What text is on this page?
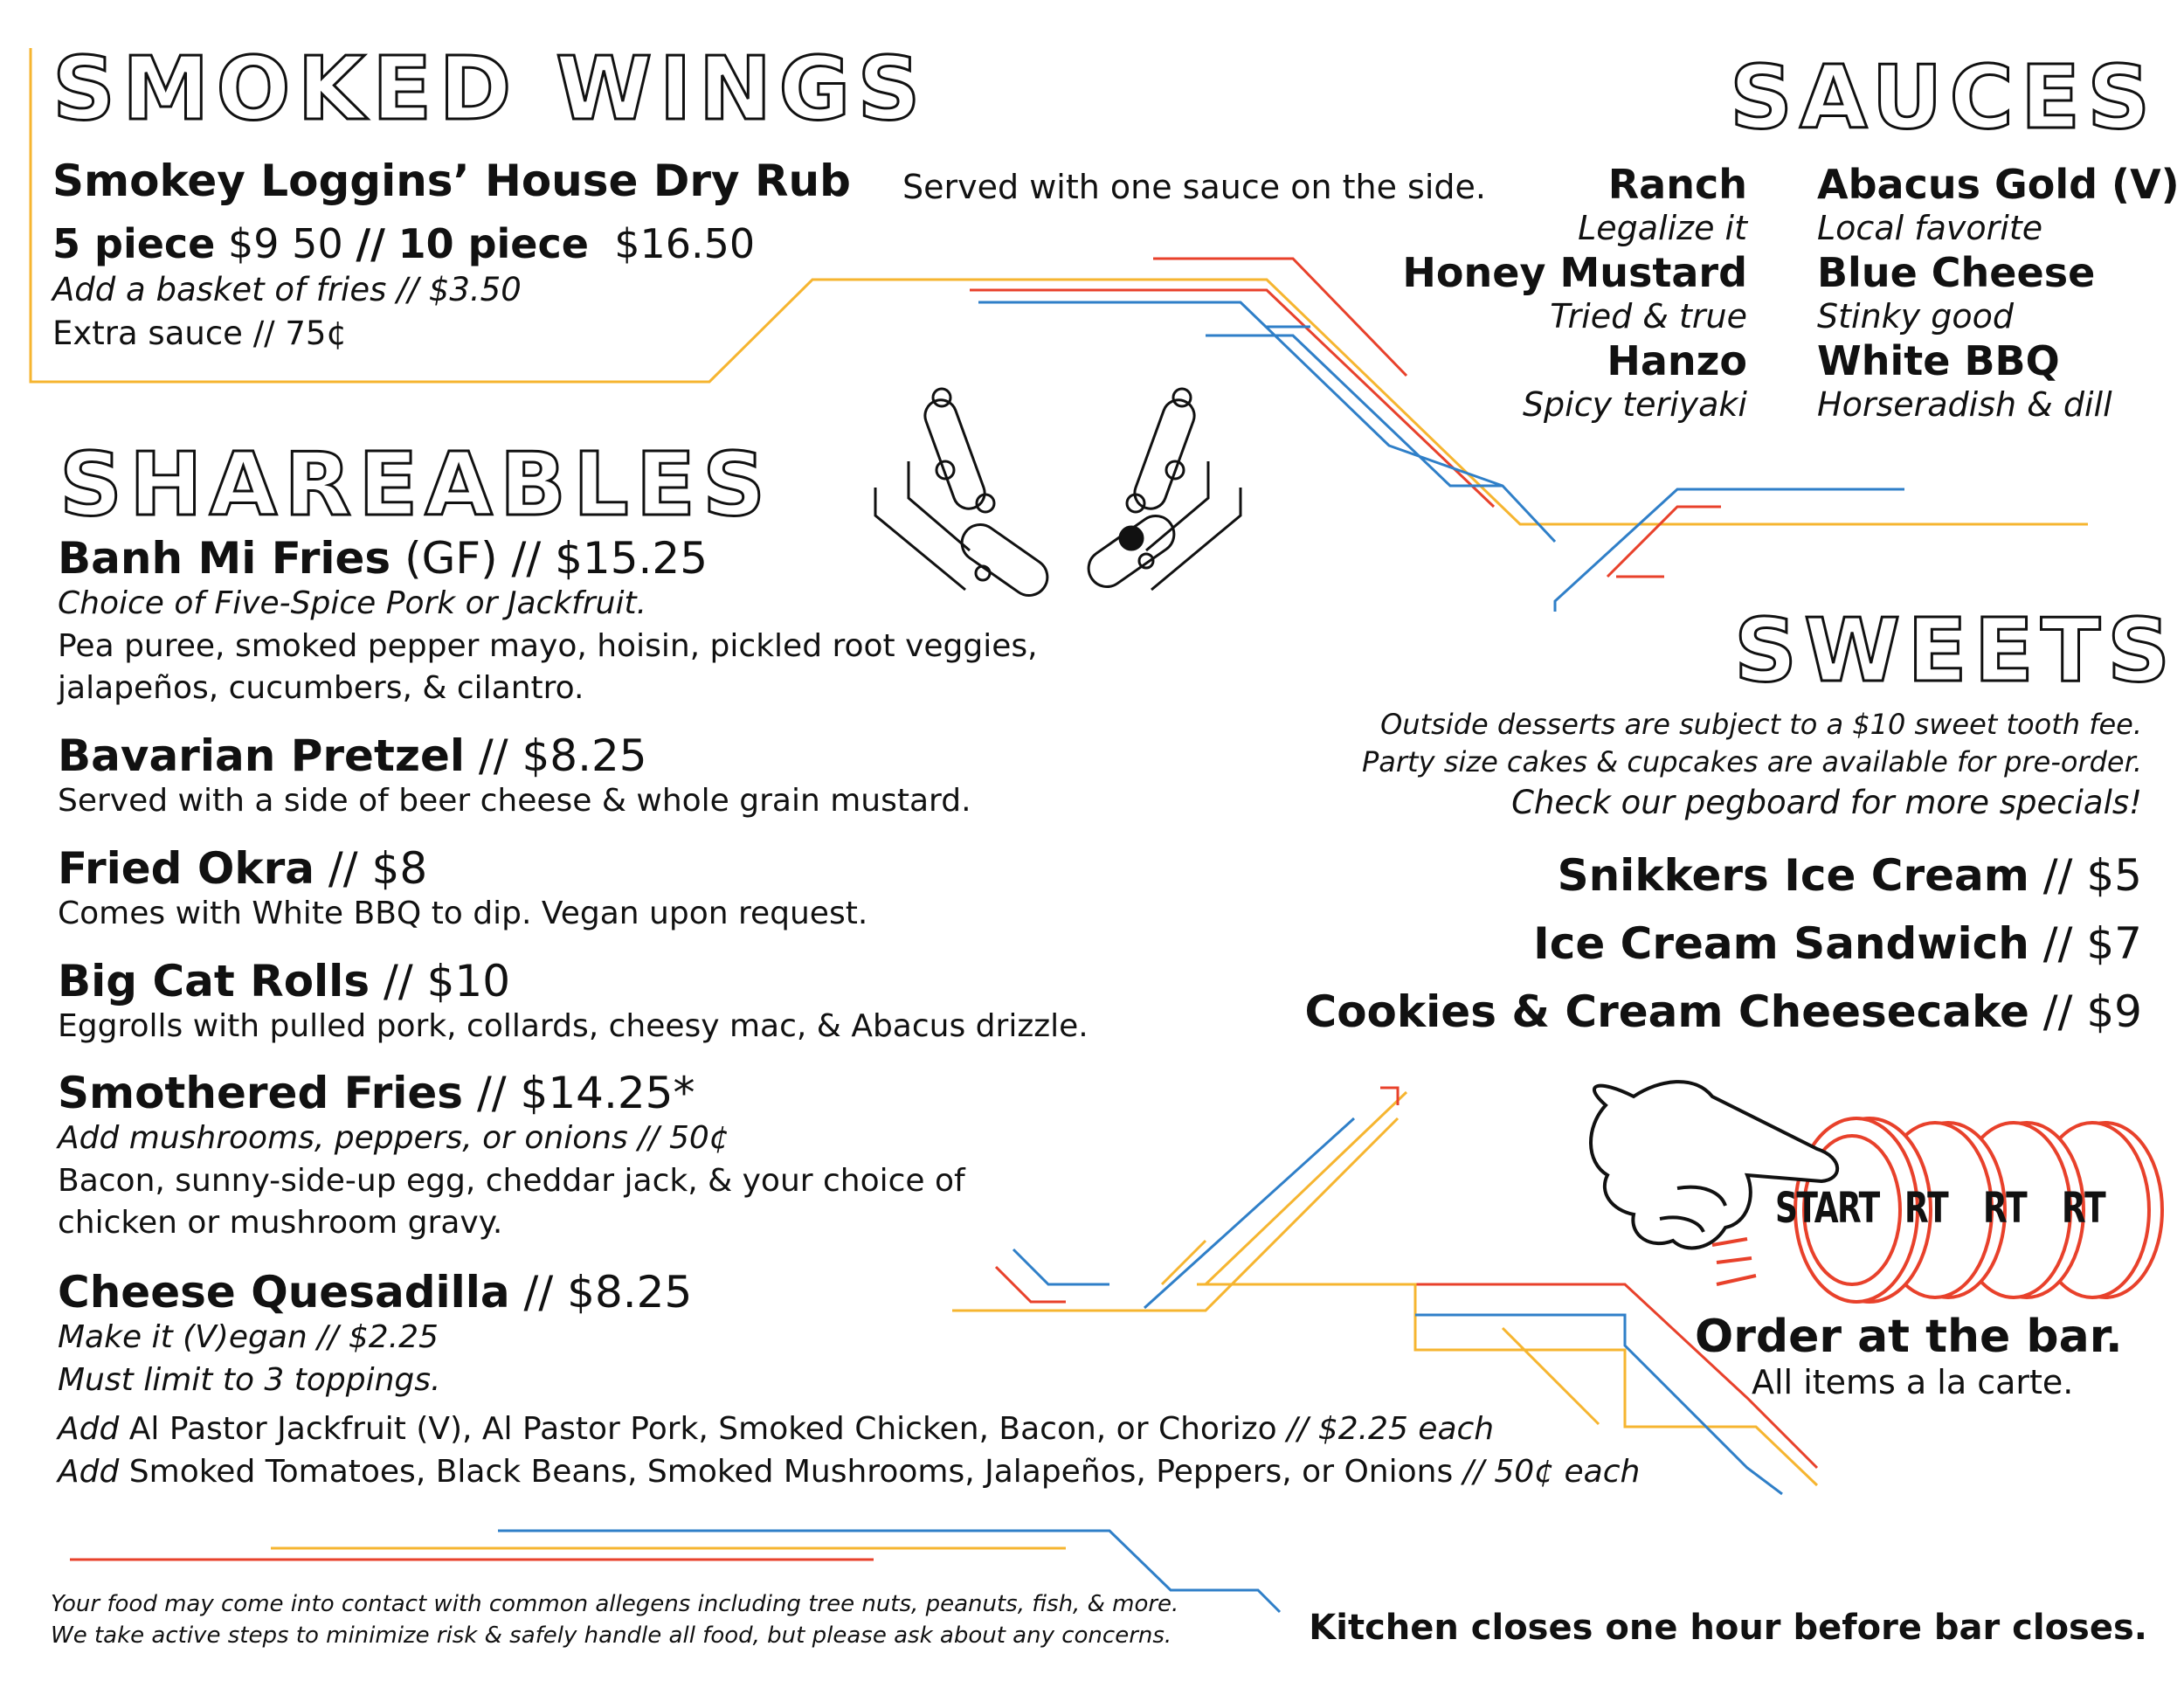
SMOKED WINGS
Smokey Loggins’ House Dry Rub Served with one sauce on the side.
5 piece $9 50 // 10 piece $16.50
Add a basket of fries // $3.50
Extra sauce // 75¢
SAUCES
Ranch
Legalize it
Honey Mustard
Tried & true
Hanzo
Spicy teriyaki
Abacus Gold (V)
Local favorite
Blue Cheese
Stinky good
White BBQ
Horseradish & dill
SHAREABLES
Banh Mi Fries (GF) // $15.25
Choice of Five-Spice Pork or Jackfruit.
Pea puree, smoked pepper mayo, hoisin, pickled root veggies,
jalapeños, cucumbers, & cilantro.
Bavarian Pretzel // $8.25
Served with a side of beer cheese & whole grain mustard.
Fried Okra // $8
Comes with White BBQ to dip. Vegan upon request.
Big Cat Rolls // $10
Eggrolls with pulled pork, collards, cheesy mac, & Abacus drizzle.
Smothered Fries // $14.25*
Add mushrooms, peppers, or onions // 50¢
Bacon, sunny-side-up egg, cheddar jack, & your choice of
chicken or mushroom gravy.
Cheese Quesadilla // $8.25
Make it (V)egan // $2.25
Must limit to 3 toppings.
Add Al Pastor Jackfruit (V), Al Pastor Pork, Smoked Chicken, Bacon, or Chorizo // $2.25 each
Add Smoked Tomatoes, Black Beans, Smoked Mushrooms, Jalapeños, Peppers, or Onions // 50¢ each
SWEETS
Outside desserts are subject to a $10 sweet tooth fee.
Party size cakes & cupcakes are available for pre-order.
Check our pegboard for more specials!
Snikkers Ice Cream // $5
Ice Cream Sandwich // $7
Cookies & Cream Cheesecake // $9
START RT RT RT
Order at the bar.
All items a la carte.
Your food may come into contact with common allegens including tree nuts, peanuts, fish, & more.
We take active steps to minimize risk & safely handle all food, but please ask about any concerns.	Kitchen closes one hour before bar closes.
